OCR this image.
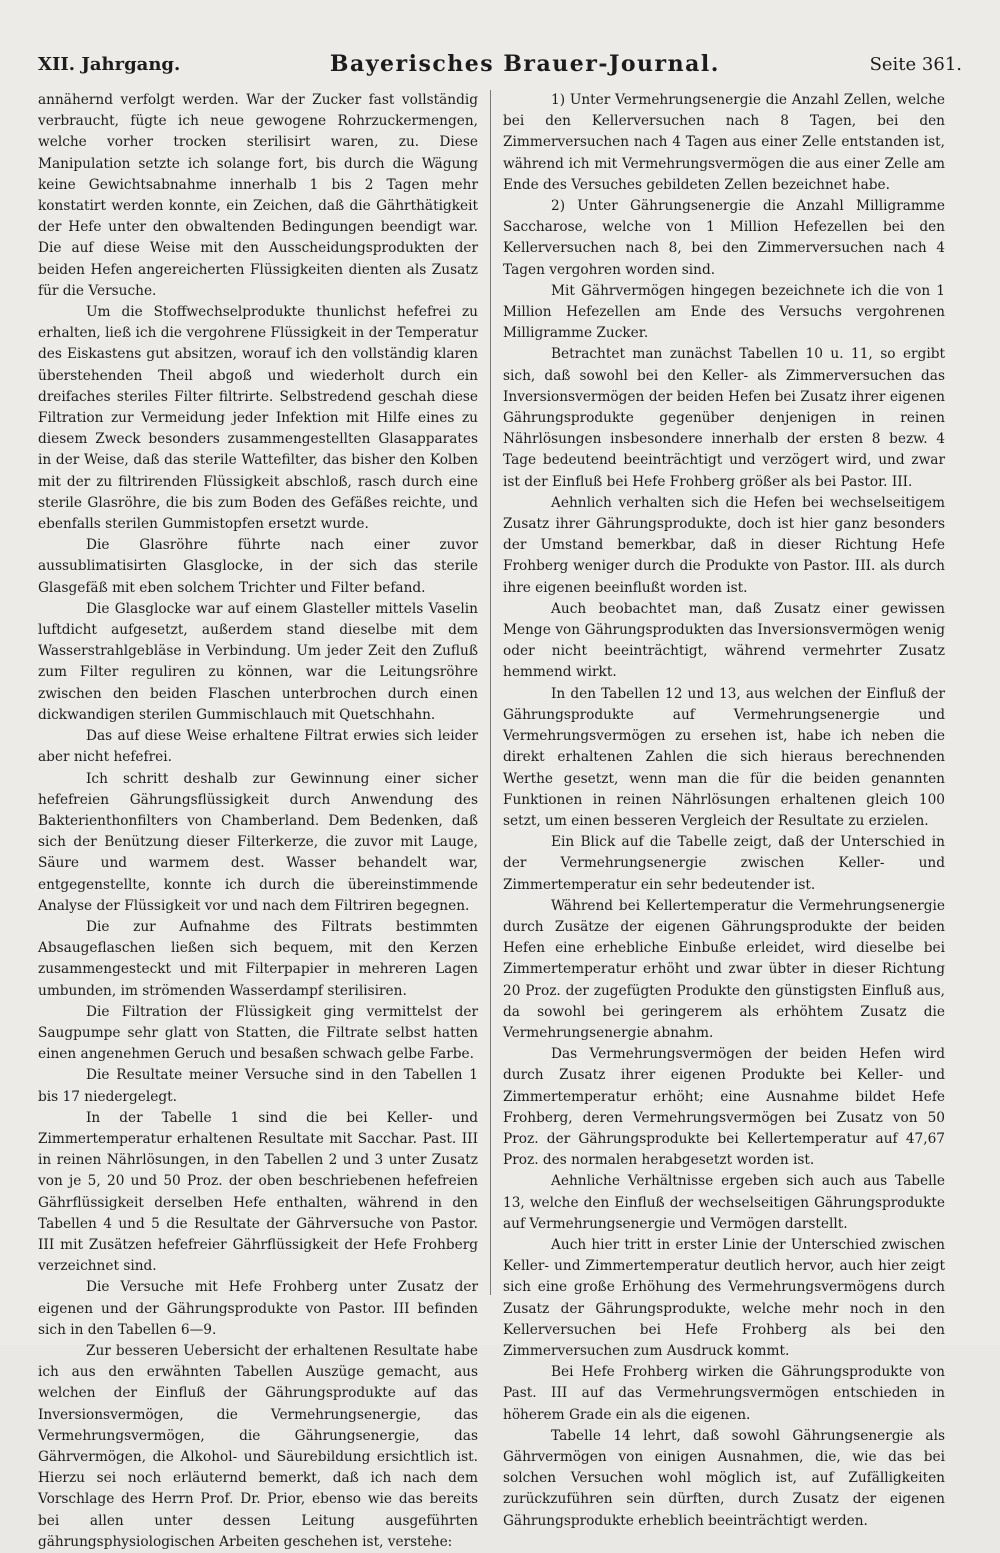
XII. Jahrgang.	Bayerisches Brauer-Journal.	Seite 361.

annähernd verfolgt werden. War der Zucker fast vollständig verbraucht, fügte ich neue gewogene Rohrzuckermengen, welche vorher trocken sterilisirt waren, zu. Diese Manipulation setzte ich solange fort, bis durch die Wägung keine Gewichtsabnahme innerhalb 1 bis 2 Tagen mehr konstatirt werden konnte, ein Zeichen, daß die Gährthätigkeit der Hefe unter den obwaltenden Bedingungen beendigt war. Die auf diese Weise mit den Ausscheidungsprodukten der beiden Hefen angereicherten Flüssigkeiten dienten als Zusatz für die Versuche.

Um die Stoffwechselprodukte thunlichst hefefrei zu erhalten, ließ ich die vergohrene Flüssigkeit in der Temperatur des Eiskastens gut absitzen, worauf ich den vollständig klaren überstehenden Theil abgoß und wiederholt durch ein dreifaches steriles Filter filtrirte. Selbstredend geschah diese Filtration zur Vermeidung jeder Infektion mit Hilfe eines zu diesem Zweck besonders zusammengestellten Glasapparates in der Weise, daß das sterile Wattefilter, das bisher den Kolben mit der zu filtrirenden Flüssigkeit abschloß, rasch durch eine sterile Glasröhre, die bis zum Boden des Gefäßes reichte, und ebenfalls sterilen Gummistopfen ersetzt wurde.

Die Glasröhre führte nach einer zuvor aussublimatisirten Glasglocke, in der sich das sterile Glasgefäß mit eben solchem Trichter und Filter befand.

Die Glasglocke war auf einem Glasteller mittels Vaselin luftdicht aufgesetzt, außerdem stand dieselbe mit dem Wasserstrahlgebläse in Verbindung. Um jeder Zeit den Zufluß zum Filter reguliren zu können, war die Leitungsröhre zwischen den beiden Flaschen unterbrochen durch einen dickwandigen sterilen Gummischlauch mit Quetschhahn.

Das auf diese Weise erhaltene Filtrat erwies sich leider aber nicht hefefrei.

Ich schritt deshalb zur Gewinnung einer sicher hefefreien Gährungsflüssigkeit durch Anwendung des Bakterienthonfilters von Chamberland. Dem Bedenken, daß sich der Benützung dieser Filterkerze, die zuvor mit Lauge, Säure und warmem dest. Wasser behandelt war, entgegenstellte, konnte ich durch die übereinstimmende Analyse der Flüssigkeit vor und nach dem Filtriren begegnen.

Die zur Aufnahme des Filtrats bestimmten Absaugeflaschen ließen sich bequem, mit den Kerzen zusammengesteckt und mit Filterpapier in mehreren Lagen umbunden, im strömenden Wasserdampf sterilisiren.

Die Filtration der Flüssigkeit ging vermittelst der Saugpumpe sehr glatt von Statten, die Filtrate selbst hatten einen angenehmen Geruch und besaßen schwach gelbe Farbe.

Die Resultate meiner Versuche sind in den Tabellen 1 bis 17 niedergelegt.

In der Tabelle 1 sind die bei Keller- und Zimmertemperatur erhaltenen Resultate mit Sacchar. Past. III in reinen Nährlösungen, in den Tabellen 2 und 3 unter Zusatz von je 5, 20 und 50 Proz. der oben beschriebenen hefefreien Gährflüssigkeit derselben Hefe enthalten, während in den Tabellen 4 und 5 die Resultate der Gährversuche von Pastor. III mit Zusätzen hefefreier Gährflüssigkeit der Hefe Frohberg verzeichnet sind.

Die Versuche mit Hefe Frohberg unter Zusatz der eigenen und der Gährungsprodukte von Pastor. III befinden sich in den Tabellen 6—9.

Zur besseren Uebersicht der erhaltenen Resultate habe ich aus den erwähnten Tabellen Auszüge gemacht, aus welchen der Einfluß der Gährungsprodukte auf das Inversionsvermögen, die Vermehrungsenergie, das Vermehrungsvermögen, die Gährungsenergie, das Gährvermögen, die Alkohol- und Säurebildung ersichtlich ist. Hierzu sei noch erläuternd bemerkt, daß ich nach dem Vorschlage des Herrn Prof. Dr. Prior, ebenso wie das bereits bei allen unter dessen Leitung ausgeführten gährungsphysiologischen Arbeiten geschehen ist, verstehe:

1) Unter Vermehrungsenergie die Anzahl Zellen, welche bei den Kellerversuchen nach 8 Tagen, bei den Zimmerversuchen nach 4 Tagen aus einer Zelle entstanden ist, während ich mit Vermehrungsvermögen die aus einer Zelle am Ende des Versuches gebildeten Zellen bezeichnet habe.

2) Unter Gährungsenergie die Anzahl Milligramme Saccharose, welche von 1 Million Hefezellen bei den Kellerversuchen nach 8, bei den Zimmerversuchen nach 4 Tagen vergohren worden sind.

Mit Gährvermögen hingegen bezeichnete ich die von 1 Million Hefezellen am Ende des Versuchs vergohrenen Milligramme Zucker.

Betrachtet man zunächst Tabellen 10 u. 11, so ergibt sich, daß sowohl bei den Keller- als Zimmerversuchen das Inversionsvermögen der beiden Hefen bei Zusatz ihrer eigenen Gährungsprodukte gegenüber denjenigen in reinen Nährlösungen insbesondere innerhalb der ersten 8 bezw. 4 Tage bedeutend beeinträchtigt und verzögert wird, und zwar ist der Einfluß bei Hefe Frohberg größer als bei Pastor. III.

Aehnlich verhalten sich die Hefen bei wechselseitigem Zusatz ihrer Gährungsprodukte, doch ist hier ganz besonders der Umstand bemerkbar, daß in dieser Richtung Hefe Frohberg weniger durch die Produkte von Pastor. III. als durch ihre eigenen beeinflußt worden ist.

Auch beobachtet man, daß Zusatz einer gewissen Menge von Gährungsprodukten das Inversionsvermögen wenig oder nicht beeinträchtigt, während vermehrter Zusatz hemmend wirkt.

In den Tabellen 12 und 13, aus welchen der Einfluß der Gährungsprodukte auf Vermehrungsenergie und Vermehrungsvermögen zu ersehen ist, habe ich neben die direkt erhaltenen Zahlen die sich hieraus berechnenden Werthe gesetzt, wenn man die für die beiden genannten Funktionen in reinen Nährlösungen erhaltenen gleich 100 setzt, um einen besseren Vergleich der Resultate zu erzielen.

Ein Blick auf die Tabelle zeigt, daß der Unterschied in der Vermehrungsenergie zwischen Keller- und Zimmertemperatur ein sehr bedeutender ist.

Während bei Kellertemperatur die Vermehrungsenergie durch Zusätze der eigenen Gährungsprodukte der beiden Hefen eine erhebliche Einbuße erleidet, wird dieselbe bei Zimmertemperatur erhöht und zwar übter in dieser Richtung 20 Proz. der zugefügten Produkte den günstigsten Einfluß aus, da sowohl bei geringerem als erhöhtem Zusatz die Vermehrungsenergie abnahm.

Das Vermehrungsvermögen der beiden Hefen wird durch Zusatz ihrer eigenen Produkte bei Keller- und Zimmertemperatur erhöht; eine Ausnahme bildet Hefe Frohberg, deren Vermehrungsvermögen bei Zusatz von 50 Proz. der Gährungsprodukte bei Kellertemperatur auf 47,67 Proz. des normalen herabgesetzt worden ist.

Aehnliche Verhältnisse ergeben sich auch aus Tabelle 13, welche den Einfluß der wechselseitigen Gährungsprodukte auf Vermehrungsenergie und Vermögen darstellt.

Auch hier tritt in erster Linie der Unterschied zwischen Keller- und Zimmertemperatur deutlich hervor, auch hier zeigt sich eine große Erhöhung des Vermehrungsvermögens durch Zusatz der Gährungsprodukte, welche mehr noch in den Kellerversuchen bei Hefe Frohberg als bei den Zimmerversuchen zum Ausdruck kommt.

Bei Hefe Frohberg wirken die Gährungsprodukte von Past. III auf das Vermehrungsvermögen entschieden in höherem Grade ein als die eigenen.

Tabelle 14 lehrt, daß sowohl Gährungsenergie als Gährvermögen von einigen Ausnahmen, die, wie das bei solchen Versuchen wohl möglich ist, auf Zufälligkeiten zurückzuführen sein dürften, durch Zusatz der eigenen Gährungsprodukte erheblich beeinträchtigt werden.
